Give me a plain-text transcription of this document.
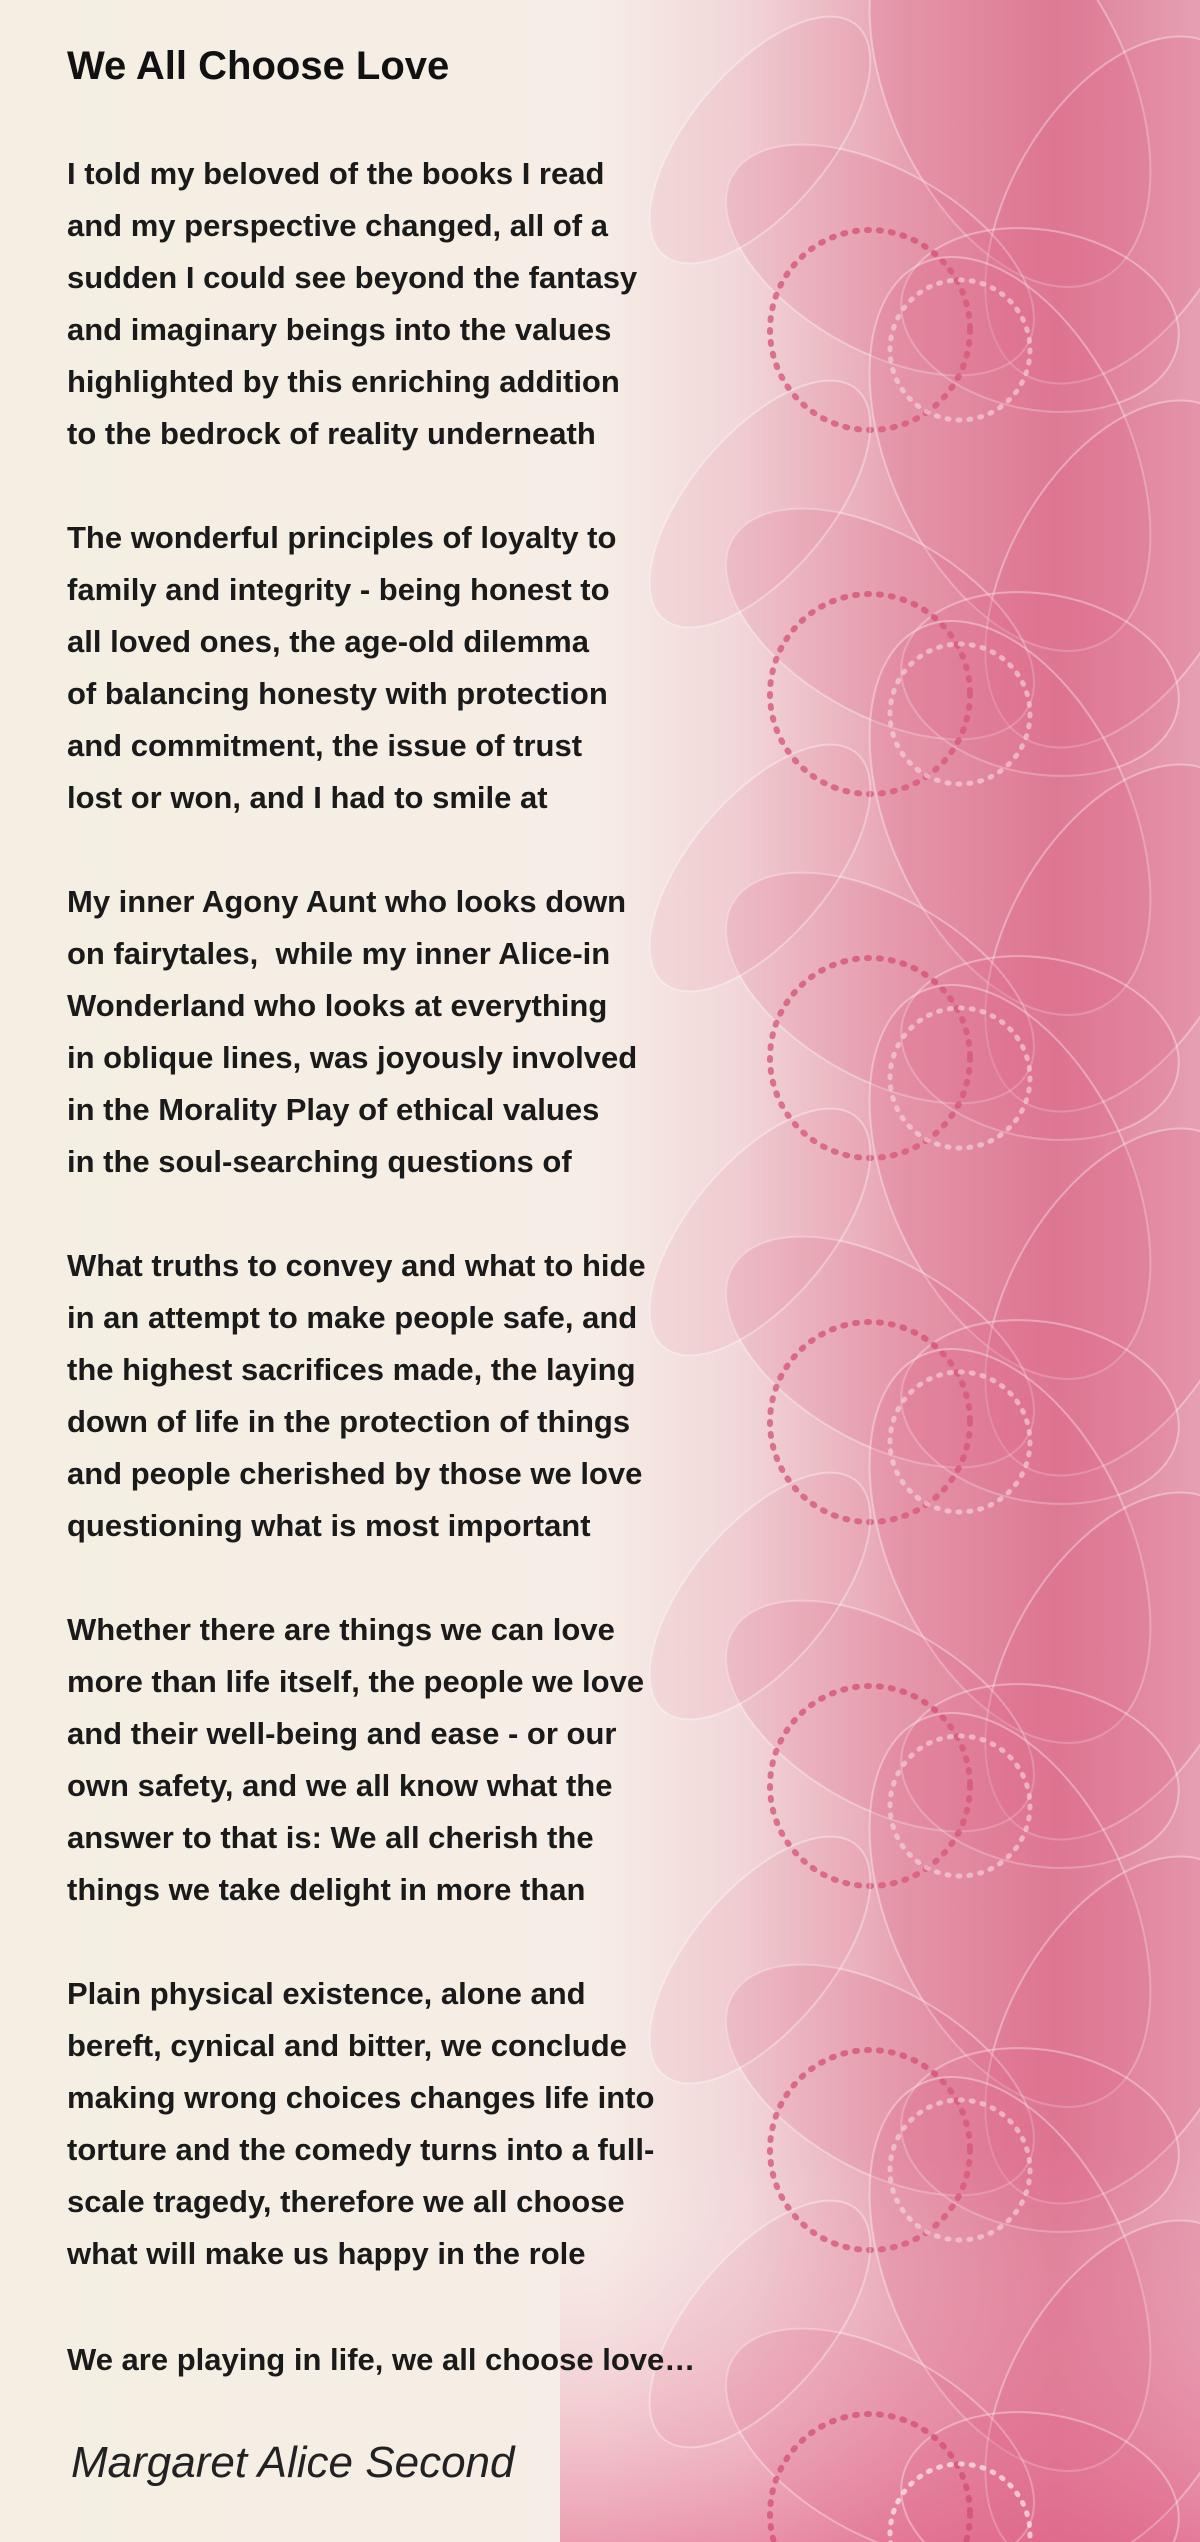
We All Choose Love
I told my beloved of the books I read
and my perspective changed, all of a
sudden I could see beyond the fantasy
and imaginary beings into the values
highlighted by this enriching addition
to the bedrock of reality underneath
The wonderful principles of loyalty to
family and integrity - being honest to
all loved ones, the age-old dilemma
of balancing honesty with protection
and commitment, the issue of trust
lost or won, and I had to smile at
My inner Agony Aunt who looks down
on fairytales,  while my inner Alice-in
Wonderland who looks at everything
in oblique lines, was joyously involved
in the Morality Play of ethical values
in the soul-searching questions of
What truths to convey and what to hide
in an attempt to make people safe, and
the highest sacrifices made, the laying
down of life in the protection of things
and people cherished by those we love
questioning what is most important
Whether there are things we can love
more than life itself, the people we love
and their well-being and ease - or our
own safety, and we all know what the
answer to that is: We all cherish the
things we take delight in more than
Plain physical existence, alone and
bereft, cynical and bitter, we conclude
making wrong choices changes life into
torture and the comedy turns into a full-
scale tragedy, therefore we all choose
what will make us happy in the role

We are playing in life, we all choose love…

Margaret Alice Second
